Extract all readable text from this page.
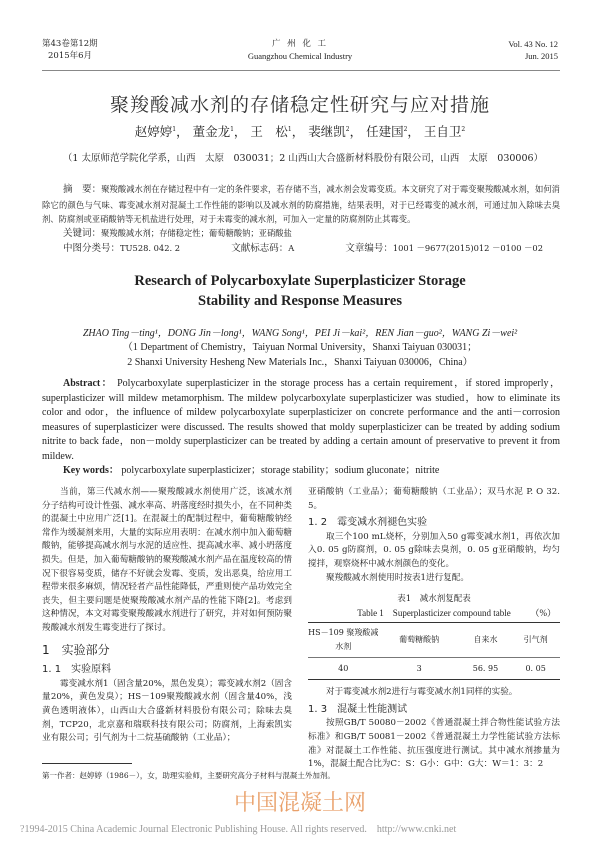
第43卷第12期
2015年6月
广 州 化 工
Guangzhou Chemical Industry
Vol. 43 No. 12
Jun. 2015
聚羧酸减水剂的存储稳定性研究与应对措施
赵婷婷$^1$， 董金龙$^1$， 王　松$^1$， 裴继凯$^2$， 任建国$^2$， 王自卫$^2$
（1 太原师范学院化学系，山西　太原　030031；2 山西山大合盛新材料股份有限公司，山西　太原　030006）
摘　要：聚羧酸减水剂在存储过程中有一定的条件要求，若存储不当，减水剂会发霉变质。本文研究了对于霉变聚羧酸减水剂，如何消除它的颜色与气味、霉变减水剂对混凝土工作性能的影响以及减水剂的防腐措施，结果表明，对于已经霉变的减水剂，可通过加入除味去臭剂、防腐剂或亚硝酸钠等无机盐进行处理，对于未霉变的减水剂，可加入一定量的防腐剂防止其霉变。
关键词：聚羧酸减水剂；存储稳定性；葡萄糖酸钠；亚硝酸盐
中图分类号：TU528. 042. 2	文献标志码：A	文章编号：1001 －9677(2015)012 －0100 －02
Research of Polycarboxylate Superplasticizer Storage
Stability and Response Measures
ZHAO Ting－ting¹，DONG Jin－long¹，WANG Song¹，PEI Ji－kai²，REN Jian－guo²，WANG Zi－wei²
（1 Department of Chemistry，Taiyuan Normal University，Shanxi Taiyuan 030031；
2 Shanxi University Hesheng New Materials Inc.，Shanxi Taiyuan 030006，China）
Abstract： Polycarboxylate superplasticizer in the storage process has a certain requirement，if stored improperly，superplasticizer will mildew metamorphism. The mildew polycarboxylate superplasticizer was studied，how to eliminate its color and odor，the influence of mildew polycarboxylate superplasticizer on concrete performance and the anti－corrosion measures of superplasticizer were discussed. The results showed that moldy superplasticizer can be treated by adding sodium nitrite to back fade，non－moldy superplasticizer can be treated by adding a certain amount of preservative to prevent it from mildew.
Key words： polycarboxylate superplasticizer；storage stability；sodium gluconate；nitrite

当前，第三代减水剂——聚羧酸减水剂使用广泛，该减水剂分子结构可设计性强、减水率高、坍落度经时损失小，在不同种类的混凝土中应用广泛[1]。在混凝土的配制过程中，葡萄糖酸钠经常作为缓凝剂来用，大量的实际应用表明：在减水剂中加入葡萄糖酸钠，能够提高减水剂与水泥的适应性、提高减水率、减小坍落度损失。但是，加入葡萄糖酸钠的聚羧酸减水剂产品在温度较高的情况下很容易变质，储存不好就会发霉、变质，发出恶臭，给应用工程带来很多麻烦，情况轻者产品性能降低，严重则使产品功效完全丧失，但主要问题是使聚羧酸减水剂产品的性能下降[2]。考虑到这种情况，本文对霉变聚羧酸减水剂进行了研究，并对如何预防聚羧酸减水剂发生霉变进行了探讨。

1　实验部分
1. 1　实验原料

霉变减水剂1（固含量20%，黑色发臭）；霉变减水剂2（固含量20%，黄色发臭）；HS－109聚羧酸减水剂（固含量40%，浅黄色透明液体），山西山大合盛新材料股份有限公司；除味去臭剂，TCP20，北京嘉和瑞联科技有限公司；防腐剂，上海索凯实业有限公司；引气剂为十二烷基硫酸钠（工业品）；

亚硝酸钠（工业品）；葡萄糖酸钠（工业品）；双马水泥 P. O 32. 5。

1. 2　霉变减水剂褪色实验

取三个100 mL烧杯，分别加入50 g霉变减水剂1，再依次加入0. 05 g防腐剂，0. 05 g除味去臭剂，0. 05 g亚硝酸钠，均匀搅拌，观察烧杯中减水剂颜色的变化。

聚羧酸减水剂使用时按表1进行复配。

表1　减水剂复配表
Table 1　Superplasticizer compound table （%）
HS－109 聚羧酸减水剂	葡萄糖酸钠	自来水	引气剂
40	3	56. 95	0. 05

对于霉变减水剂2进行与霉变减水剂1同样的实验。

1. 3　混凝土性能测试

按照GB/T 50080－2002《普通混凝土拌合物性能试验方法标准》和GB/T 50081－2002《普通混凝土力学性能试验方法标准》对混凝土工作性能、抗压强度进行测试。其中减水剂掺量为1%，混凝土配合比为C：S：G小：G中：G大：W＝1：3：2

第一作者：赵婷婷（1986－），女，助理实验师，主要研究高分子材料与混凝土外加剂。
中国混凝土网
?1994-2015 China Academic Journal Electronic Publishing House. All rights reserved.　http://www.cnki.net
